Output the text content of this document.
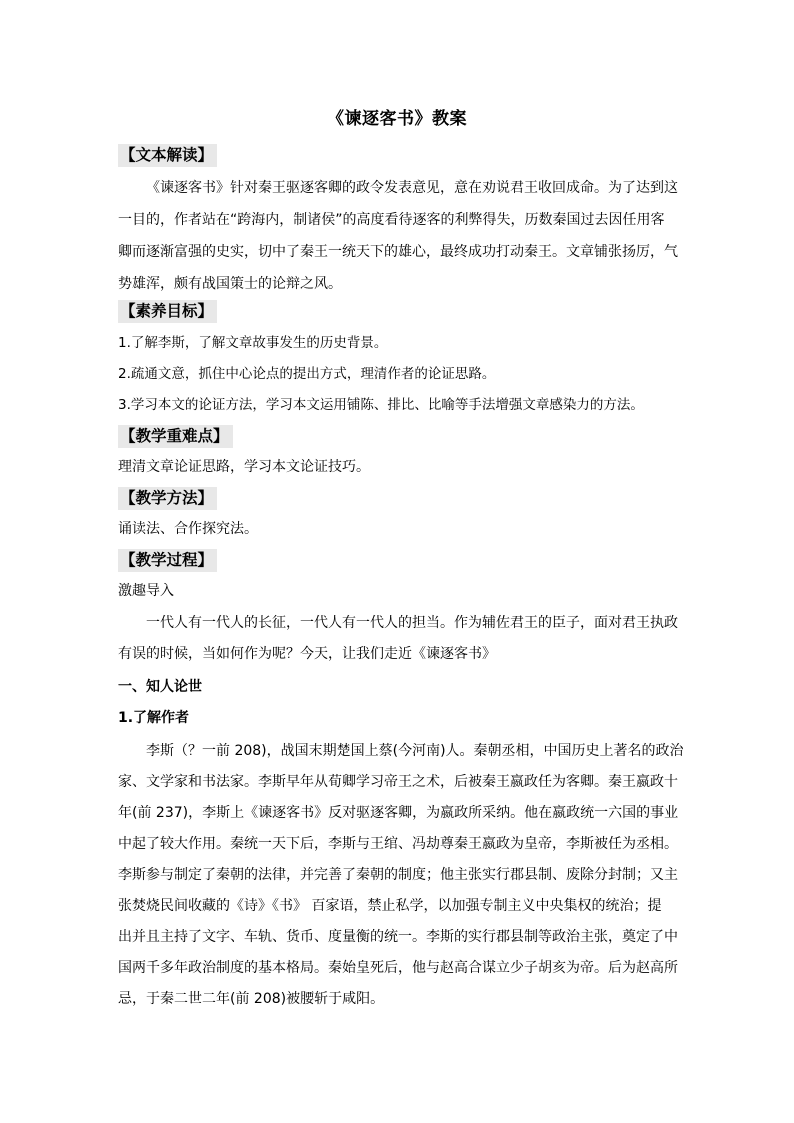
《谏逐客书》教案
【文本解读】
《谏逐客书》针对秦王驱逐客卿的政令发表意见，意在劝说君王收回成命。为了达到这
一目的，作者站在“跨海内，制诸侯”的高度看待逐客的利弊得失，历数秦国过去因任用客
卿而逐渐富强的史实，切中了秦王一统天下的雄心，最终成功打动秦王。文章铺张扬厉，气
势雄浑，颇有战国策士的论辩之风。
【素养目标】
1.了解李斯，了解文章故事发生的历史背景。
2.疏通文意，抓住中心论点的提出方式，理清作者的论证思路。
3.学习本文的论证方法，学习本文运用铺陈、排比、比喻等手法增强文章感染力的方法。
【教学重难点】
理清文章论证思路，学习本文论证技巧。
【教学方法】
诵读法、合作探究法。
【教学过程】
激趣导入
一代人有一代人的长征，一代人有一代人的担当。作为辅佐君王的臣子，面对君王执政
有误的时候，当如何作为呢？今天，让我们走近《谏逐客书》
一、知人论世
1.了解作者
李斯（？一前 208)，战国末期楚国上蔡(今河南)人。秦朝丞相，中国历史上著名的政治
家、文学家和书法家。李斯早年从荀卿学习帝王之术，后被秦王嬴政任为客卿。秦王嬴政十
年(前 237)，李斯上《谏逐客书》反对驱逐客卿，为嬴政所采纳。他在嬴政统一六国的事业
中起了较大作用。秦统一天下后，李斯与王绾、冯劫尊秦王嬴政为皇帝，李斯被任为丞相。
李斯参与制定了秦朝的法律，并完善了秦朝的制度；他主张实行郡县制、废除分封制；又主
张焚烧民间收藏的《诗》《书》 百家语，禁止私学，以加强专制主义中央集权的统治；提
出并且主持了文字、车轨、货币、度量衡的统一。李斯的实行郡县制等政治主张，奠定了中
国两千多年政治制度的基本格局。秦始皇死后，他与赵高合谋立少子胡亥为帝。后为赵高所
忌，于秦二世二年(前 208)被腰斩于咸阳。
